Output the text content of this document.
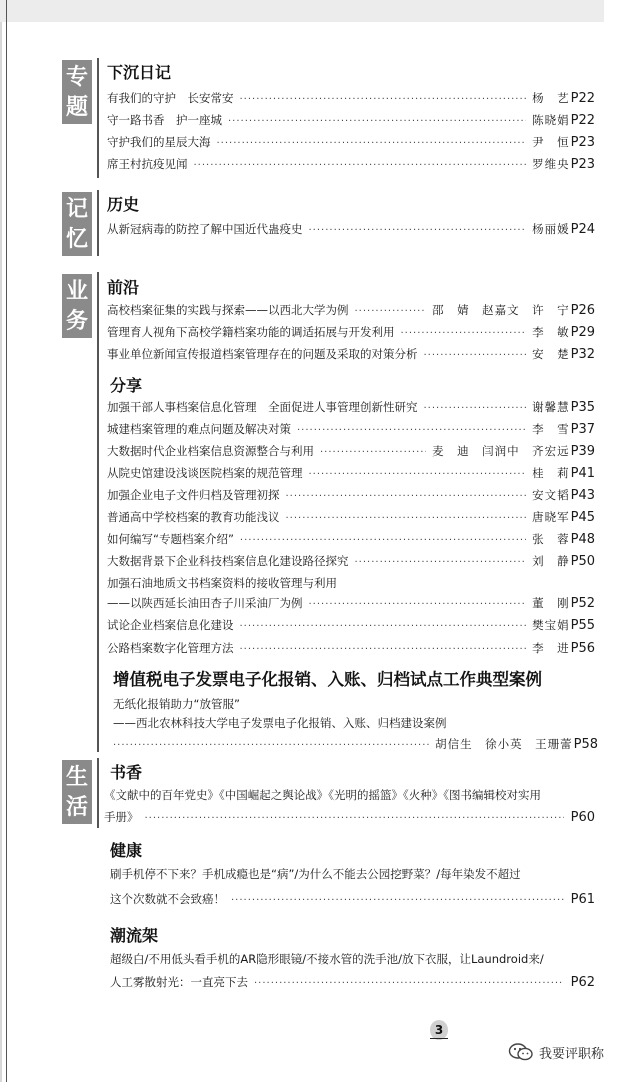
专
题
下沉日记
有我们的守护　长安常安 ·····	杨　艺 P22
守一路书香　护一座城 ·····	陈晓娟 P22
守护我们的星辰大海 ·····	尹　恒 P23
席王村抗疫见闻 ·····	罗维央 P23
记
忆
历史
从新冠病毒的防控了解中国近代蛊疫史 ·····	杨丽媛 P24
业
务
前沿
高校档案征集的实践与探索——以西北大学为例 ·····	邵　婧　赵嘉文　许　宁 P26
管理育人视角下高校学籍档案功能的调适拓展与开发利用 ·····	李　敏 P29
事业单位新闻宣传报道档案管理存在的问题及采取的对策分析 ·····	安　楚 P32
分享
加强干部人事档案信息化管理　全面促进人事管理创新性研究 ·····	谢馨慧 P35
城建档案管理的难点问题及解决对策 ·····	李　雪 P37
大数据时代企业档案信息资源整合与利用 ·····	麦　迪　闫润中　齐宏远 P39
从院史馆建设浅谈医院档案的规范管理 ·····	桂　莉 P41
加强企业电子文件归档及管理初探 ·····	安文韬 P43
普通高中学校档案的教育功能浅议 ·····	唐晓军 P45
如何编写“专题档案介绍” ·····	张　蓉 P48
大数据背景下企业科技档案信息化建设路径探究 ·····	刘　静 P50
加强石油地质文书档案资料的接收管理与利用
——以陕西延长油田杏子川采油厂为例 ·····	董　刚 P52
试论企业档案信息化建设 ·····	樊宝娟 P55
公路档案数字化管理方法 ·····	李　进 P56
增值税电子发票电子化报销、入账、归档试点工作典型案例
无纸化报销助力“放管服”
——西北农林科技大学电子发票电子化报销、入账、归档建设案例
·····
胡信生　徐小英　王珊蕾 P58
生
活
书香
《文献中的百年党史》《中国崛起之舆论战》《光明的摇篮》《火种》《图书编辑校对实用
手册》 ·····	P60
健康
刷手机停不下来？手机成瘾也是“病”/为什么不能去公园挖野菜？/每年染发不超过
这个次数就不会致癌！ ·····	P61
潮流架
超级白/不用低头看手机的AR隐形眼镜/不接水管的洗手池/放下衣服，让Laundroid来/
人工雾散射光：一直亮下去 ·····	P62
3
我要评职称
